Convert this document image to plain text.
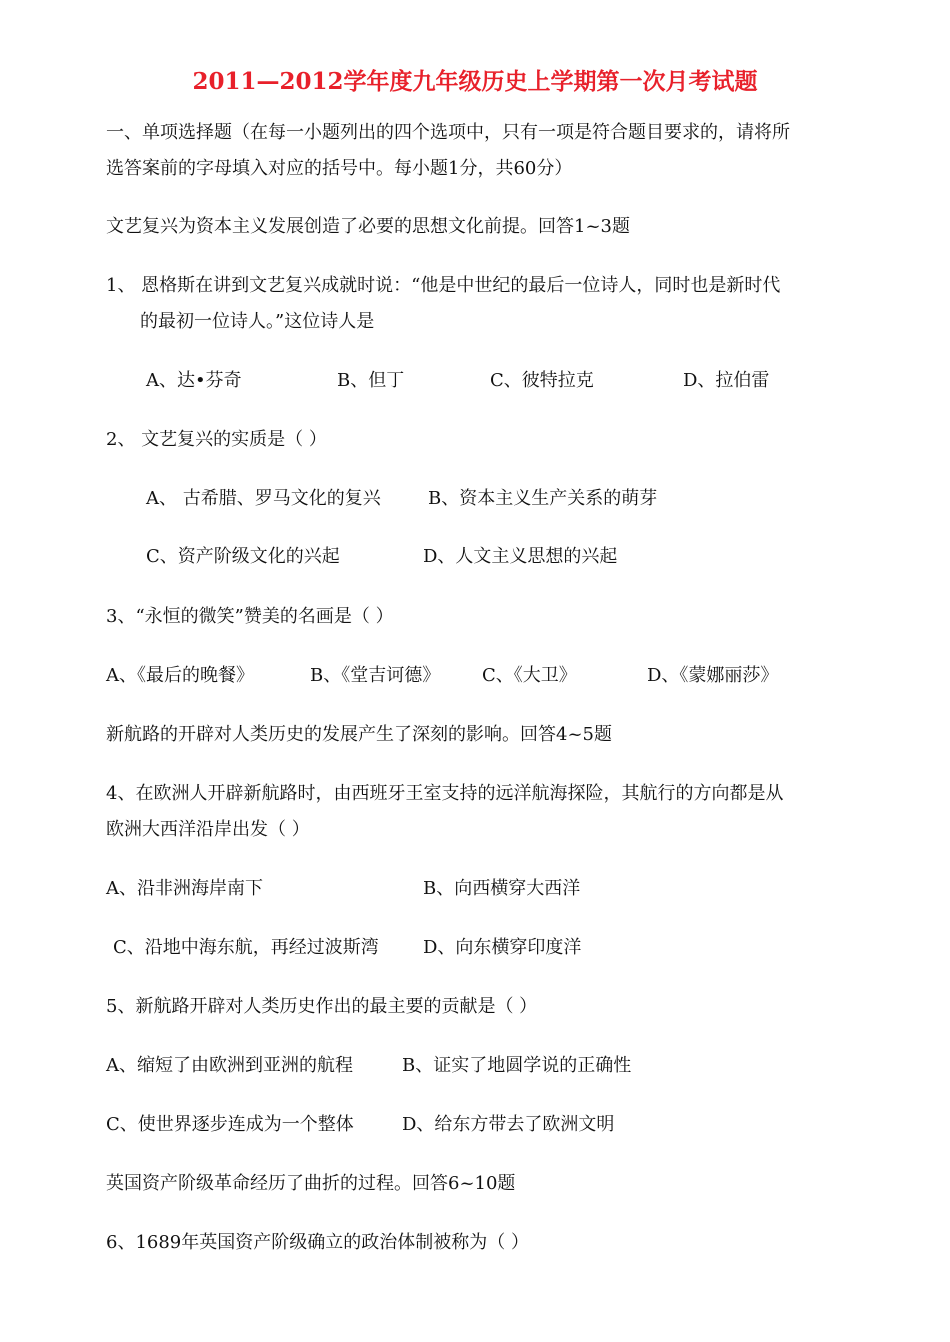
2011—2012学年度九年级历史上学期第一次月考试题
一、单项选择题（在每一小题列出的四个选项中，只有一项是符合题目要求的，请将所
选答案前的字母填入对应的括号中。每小题1分，共60分）
文艺复兴为资本主义发展创造了必要的思想文化前提。回答1~3题
1、 恩格斯在讲到文艺复兴成就时说：“他是中世纪的最后一位诗人，同时也是新时代
的最初一位诗人。”这位诗人是
A、达•芬奇	B、但丁	C、彼特拉克	D、拉伯雷
2、 文艺复兴的实质是（ ）
A、 古希腊、罗马文化的复兴	B、资本主义生产关系的萌芽
C、资产阶级文化的兴起	D、人文主义思想的兴起
3、“永恒的微笑”赞美的名画是（ ）
A、《最后的晚餐》	B、《堂吉诃德》 C、《大卫》	D、《蒙娜丽莎》
新航路的开辟对人类历史的发展产生了深刻的影响。回答4~5题
4、在欧洲人开辟新航路时，由西班牙王室支持的远洋航海探险，其航行的方向都是从
欧洲大西洋沿岸出发（ ）
A、沿非洲海岸南下	B、向西横穿大西洋
C、沿地中海东航，再经过波斯湾 D、向东横穿印度洋
5、新航路开辟对人类历史作出的最主要的贡献是（ ）
A、缩短了由欧洲到亚洲的航程	B、证实了地圆学说的正确性
C、使世界逐步连成为一个整体	D、给东方带去了欧洲文明
英国资产阶级革命经历了曲折的过程。回答6~10题
6、1689年英国资产阶级确立的政治体制被称为（ ）
